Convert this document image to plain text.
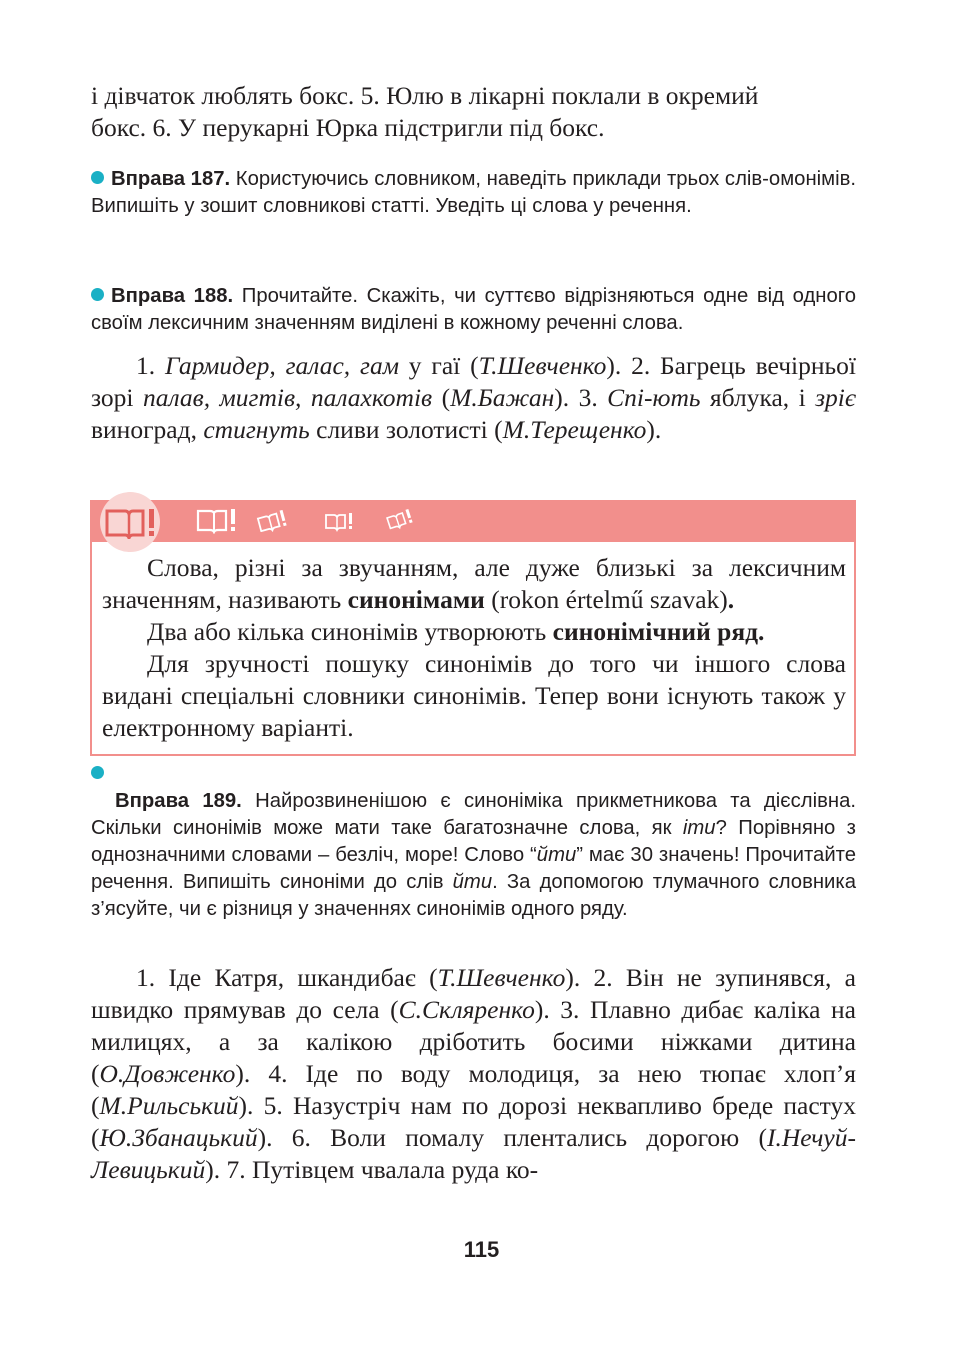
і дівчаток люблять бокс. 5. Юлю в лікарні поклали в окремий
бокс. 6. У перукарні Юрка підстригли під бокс.

Вправа 187. Користуючись словником, наведіть приклади трьох слів-омонімів. Випишіть у зошит словникові статті. Уведіть ці слова у речення.

Вправа 188. Прочитайте. Скажіть, чи суттєво відрізняються одне від одного своїм лексичним значенням виділені в кожному реченні слова.

1. Гармидер, галас, гам у гаї (Т.Шевченко). 2. Багрець вечірньої зорі палав, мигтів, палахкотів (М.Бажан). 3. Спі-ють яблука, і зріє виноград, стигнуть сливи золотисті (М.Терещенко).

Слова, різні за звучанням, але дуже близькі за лексичним значенням, називають синонімами (rokon értelmű szavak).

Два або кілька синонімів утворюють синонімічний ряд.

Для зручності пошуку синонімів до того чи іншого слова видані спеціальні словники синонімів. Тепер вони існують також у електронному варіанті.

Вправа 189. Найрозвиненішою є синоніміка прикметникова та дієслівна. Скільки синонімів може мати таке багатозначне слова, як іти? Порівняно з однозначними словами – безліч, море! Слово “йти” має 30 значень! Прочитайте речення. Випишіть синоніми до слів йти. За допомогою тлумачного словника з’ясуйте, чи є різниця у значеннях синонімів одного ряду.

1. Іде Катря, шкандибає (Т.Шевченко). 2. Він не зупинявся, а швидко прямував до села (С.Скляренко). 3. Плавно дибає каліка на милицях, а за калікою дріботить босими ніжками дитина (О.Довженко). 4. Іде по воду молодиця, за нею тюпає хлоп’я (М.Рильський). 5. Назустріч нам по дорозі неквапливо бреде пастух (Ю.Збанацький). 6. Воли помалу плентались дорогою (І.Нечуй-Левицький). 7. Путівцем чвалала руда ко-

115
